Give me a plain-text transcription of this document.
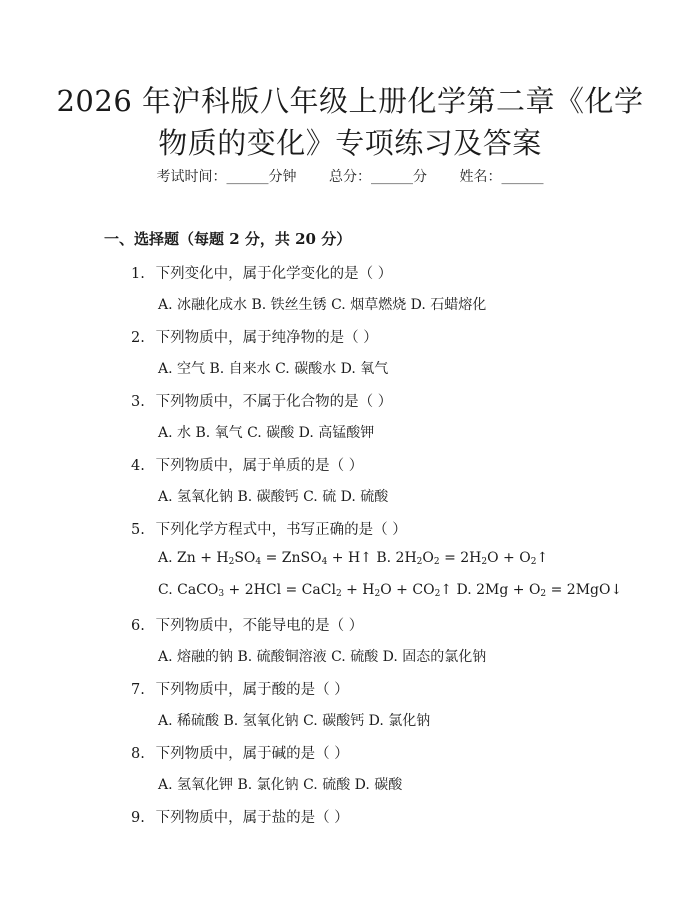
2026 年沪科版八年级上册化学第二章《化学
物质的变化》专项练习及答案
考试时间：______分钟 总分：______分 姓名：______
一、选择题（每题 2 分，共 20 分）
1. 下列变化中，属于化学变化的是（ ）
A. 冰融化成水 B. 铁丝生锈 C. 烟草燃烧 D. 石蜡熔化
2. 下列物质中，属于纯净物的是（ ）
A. 空气 B. 自来水 C. 碳酸水 D. 氧气
3. 下列物质中，不属于化合物的是（ ）
A. 水 B. 氧气 C. 碳酸 D. 高锰酸钾
4. 下列物质中，属于单质的是（ ）
A. 氢氧化钠 B. 碳酸钙 C. 硫 D. 硫酸
5. 下列化学方程式中，书写正确的是（ ）
A. $Zn + H_2SO_4$ = ZnSO$_4$ + H↑ B. $2H_2O_2 = 2H_2O$ + $O_2↑$
C. CaCO$_3$ + 2HCl = CaCl$_2$ + $H_2O$ + $CO_2↑$ D. $2Mg + O_2$ = 2MgO↓
6. 下列物质中，不能导电的是（ ）
A. 熔融的钠 B. 硫酸铜溶液 C. 硫酸 D. 固态的氯化钠
7. 下列物质中，属于酸的是（ ）
A. 稀硫酸 B. 氢氧化钠 C. 碳酸钙 D. 氯化钠
8. 下列物质中，属于碱的是（ ）
A. 氢氧化钾 B. 氯化钠 C. 硫酸 D. 碳酸
9. 下列物质中，属于盐的是（ ）
